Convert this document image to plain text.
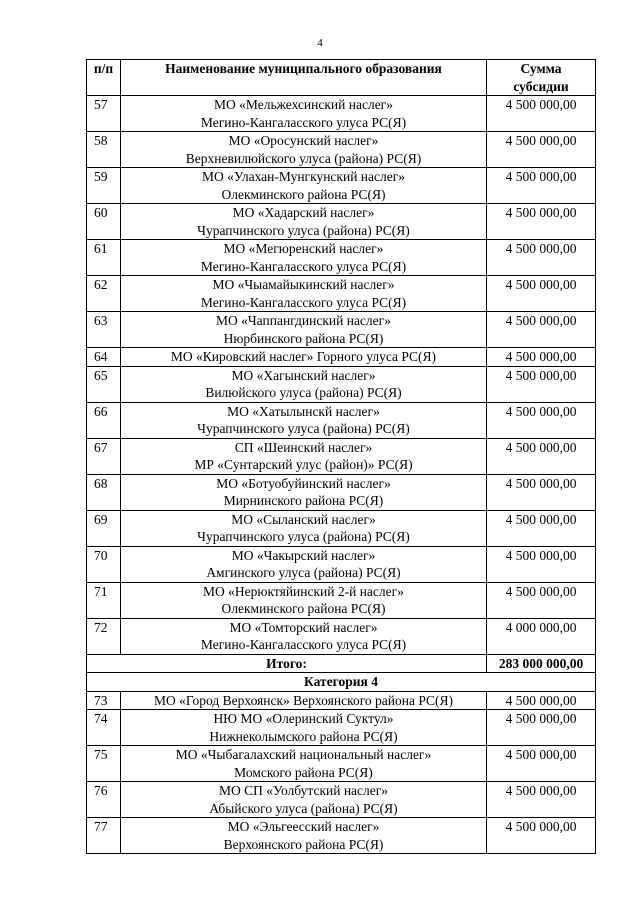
4
п/п	Наименование муниципального образования	Сумма
субсидии

57	МО «Мельжехсинский наслег»
Мегино-Кангаласского улуса РС(Я)	4 500 000,00
58	МО «Оросунский наслег»
Верхневилюйского улуса (района) РС(Я)	4 500 000,00
59	МО «Улахан-Мунгкунский наслег»
Олекминского района РС(Я)	4 500 000,00
60	МО «Хадарский наслег»
Чурапчинского улуса (района) РС(Я)	4 500 000,00
61	МО «Мегюренский наслег»
Мегино-Кангаласского улуса РС(Я)	4 500 000,00
62	МО «Чыамайыкинский наслег»
Мегино-Кангаласского улуса РС(Я)	4 500 000,00
63	МО «Чаппангдинский наслег»
Нюрбинского района РС(Я)	4 500 000,00
64	МО «Кировский наслег» Горного улуса РС(Я)	4 500 000,00
65	МО «Хагынский наслег»
Вилюйского улуса (района) РС(Я)	4 500 000,00
66	МО «Хатылынскй наслег»
Чурапчинского улуса (района) РС(Я)	4 500 000,00
67	СП «Шеинский наслег»
МР «Сунтарский улус (район)» РС(Я)	4 500 000,00
68	МО «Ботуобуйинский наслег»
Мирнинского района РС(Я)	4 500 000,00
69	МО «Сыланский наслег»
Чурапчинского улуса (района) РС(Я)	4 500 000,00
70	МО «Чакырский наслег»
Амгинского улуса (района) РС(Я)	4 500 000,00
71	МО «Нерюктяйинский 2-й наслег»
Олекминского района РС(Я)	4 500 000,00
72	МО «Томторский наслег»
Мегино-Кангаласского улуса РС(Я)	4 000 000,00
Итого:		283 000 000,00
Категория 4		
73	МО «Город Верхоянск» Верхоянского района РС(Я)	4 500 000,00
74	НЮ МО «Олеринский Суктул»
Нижнеколымского района РС(Я)	4 500 000,00
75	МО «Чыбагалахский национальный наслег»
Момского района РС(Я)	4 500 000,00
76	МО СП «Уолбутский наслег»
Абыйского улуса (района) РС(Я)	4 500 000,00
77	МО «Эльгеесский наслег»
Верхоянского района РС(Я)	4 500 000,00
